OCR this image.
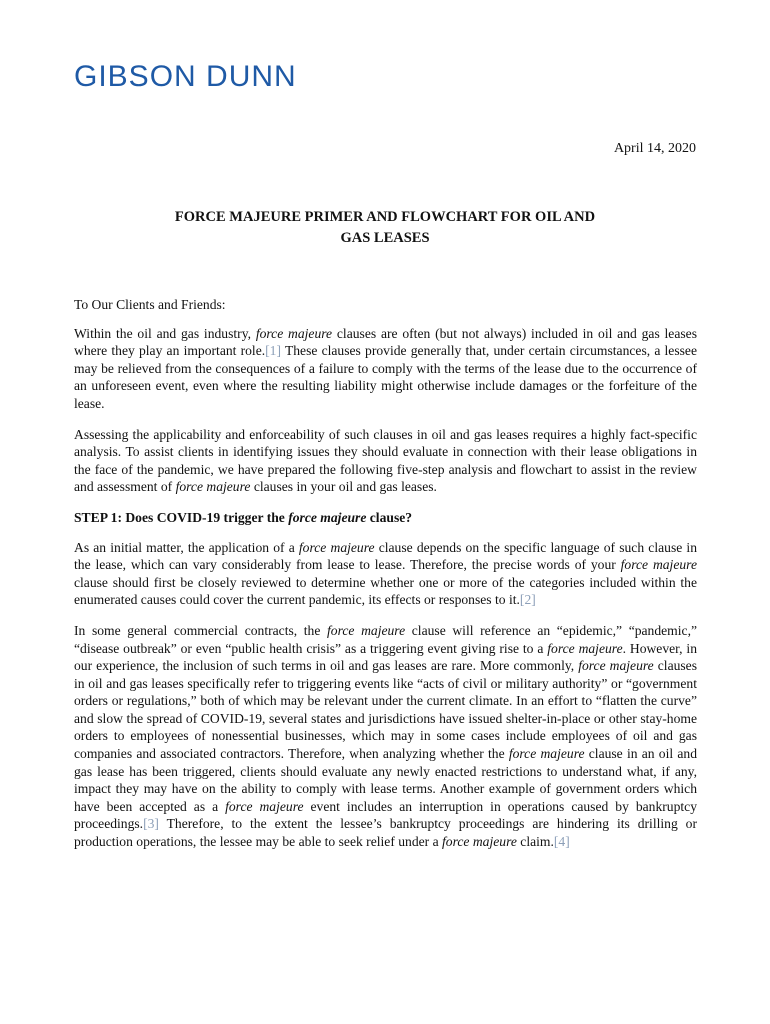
GIBSON DUNN
April 14, 2020
FORCE MAJEURE PRIMER AND FLOWCHART FOR OIL AND
GAS LEASES

To Our Clients and Friends:

Within the oil and gas industry, force majeure clauses are often (but not always) included in oil and gas leases where they play an important role.[1] These clauses provide generally that, under certain circumstances, a lessee may be relieved from the consequences of a failure to comply with the terms of the lease due to the occurrence of an unforeseen event, even where the resulting liability might otherwise include damages or the forfeiture of the lease.

Assessing the applicability and enforceability of such clauses in oil and gas leases requires a highly fact-specific analysis. To assist clients in identifying issues they should evaluate in connection with their lease obligations in the face of the pandemic, we have prepared the following five-step analysis and flowchart to assist in the review and assessment of force majeure clauses in your oil and gas leases.

STEP 1: Does COVID-19 trigger the force majeure clause?

As an initial matter, the application of a force majeure clause depends on the specific language of such clause in the lease, which can vary considerably from lease to lease. Therefore, the precise words of your force majeure clause should first be closely reviewed to determine whether one or more of the categories included within the enumerated causes could cover the current pandemic, its effects or responses to it.[2]

In some general commercial contracts, the force majeure clause will reference an “epidemic,” “pandemic,” “disease outbreak” or even “public health crisis” as a triggering event giving rise to a force majeure. However, in our experience, the inclusion of such terms in oil and gas leases are rare. More commonly, force majeure clauses in oil and gas leases specifically refer to triggering events like “acts of civil or military authority” or “government orders or regulations,” both of which may be relevant under the current climate. In an effort to “flatten the curve” and slow the spread of COVID-19, several states and jurisdictions have issued shelter-in-place or other stay-home orders to employees of nonessential businesses, which may in some cases include employees of oil and gas companies and associated contractors. Therefore, when analyzing whether the force majeure clause in an oil and gas lease has been triggered, clients should evaluate any newly enacted restrictions to understand what, if any, impact they may have on the ability to comply with lease terms. Another example of government orders which have been accepted as a force majeure event includes an interruption in operations caused by bankruptcy proceedings.[3] Therefore, to the extent the lessee’s bankruptcy proceedings are hindering its drilling or production operations, the lessee may be able to seek relief under a force majeure claim.[4]
